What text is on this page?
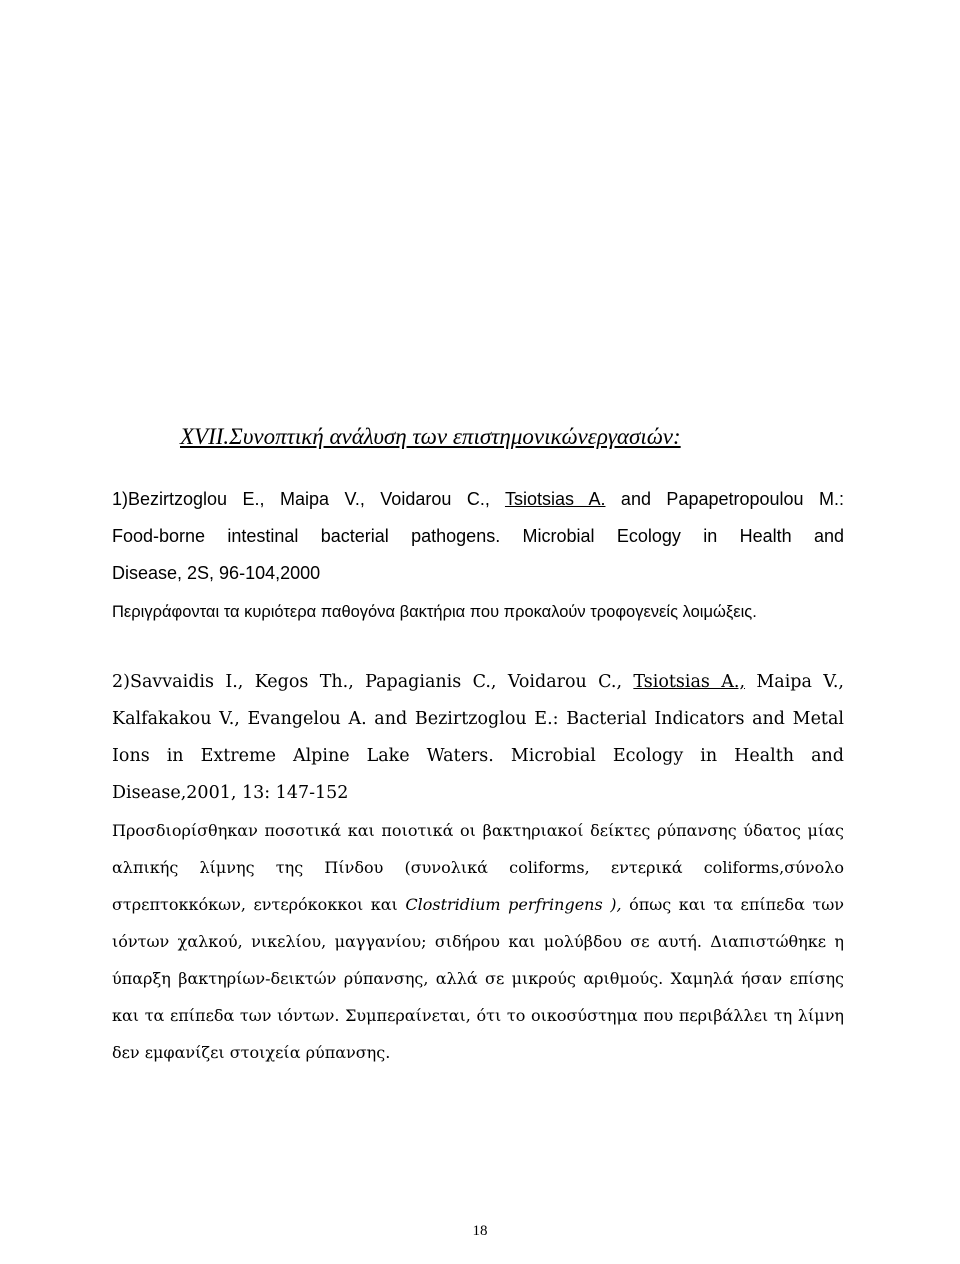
XVII.Συνοπτική ανάλυση των επιστημονικώνεργασιών:
1)Bezirtzoglou E., Maipa V., Voidarou C., Tsiotsias A. and Papapetropoulou M.:
Food-borne intestinal bacterial pathogens. Microbial Ecology in Health and
Disease, 2S, 96-104,2000
Περιγράφονται τα κυριότερα παθογόνα βακτήρια που προκαλούν τροφογενείς λοιμώξεις.
2)Savvaidis I., Kegos Th., Papagianis C., Voidarou C., Tsiotsias A., Maipa V.,
Kalfakakou V., Evangelou A. and Bezirtzoglou E.: Bacterial Indicators and Metal
Ions in Extreme Alpine Lake Waters. Microbial Ecology in Health and
Disease,2001, 13: 147-152
Προσδιορίσθηκαν ποσοτικά και ποιοτικά οι βακτηριακοί δείκτες ρύπανσης ύδατος μίας
αλπικής λίμνης της Πίνδου (συνολικά coliforms, εντερικά coliforms,σύνολο
στρεπτοκκόκων, εντερόκοκκοι και Clostridium perfringens ), όπως και τα επίπεδα των
ιόντων χαλκού, νικελίου, μαγγανίου; σιδήρου και μολύβδου σε αυτή. Διαπιστώθηκε η
ύπαρξη βακτηρίων-δεικτών ρύπανσης, αλλά σε μικρούς αριθμούς. Χαμηλά ήσαν επίσης
και τα επίπεδα των ιόντων. Συμπεραίνεται, ότι το οικοσύστημα που περιβάλλει τη λίμνη
δεν εμφανίζει στοιχεία ρύπανσης.
18
